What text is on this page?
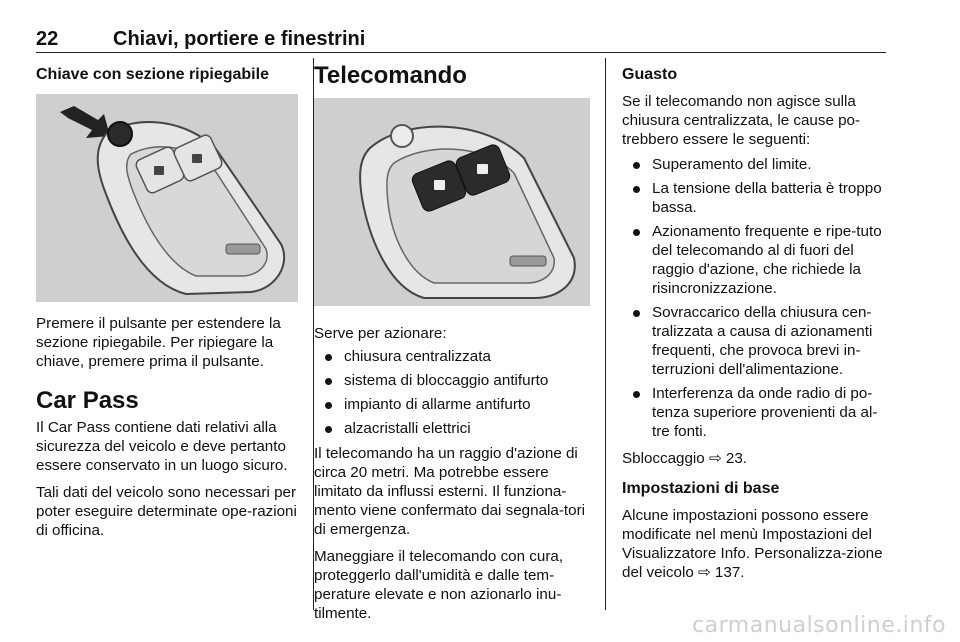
22	Chiavi, portiere e finestrini
Chiave con sezione ripiegabile

Premere il pulsante per estendere la sezione ripiegabile. Per ripiegare la chiave, premere prima il pulsante.

Car Pass

Il Car Pass contiene dati relativi alla sicurezza del veicolo e deve pertanto essere conservato in un luogo sicuro.

Tali dati del veicolo sono necessari per poter eseguire determinate ope-razioni di officina.

Telecomando

Serve per azionare:

chiusura centralizzata
sistema di bloccaggio antifurto
impianto di allarme antifurto
alzacristalli elettrici

Il telecomando ha un raggio d'azione di circa 20 metri. Ma potrebbe essere limitato da influssi esterni. Il funziona-mento viene confermato dai segnala-tori di emergenza.

Maneggiare il telecomando con cura, proteggerlo dall'umidità e dalle tem-perature elevate e non azionarlo inu-tilmente.

Guasto

Se il telecomando non agisce sulla chiusura centralizzata, le cause po-trebbero essere le seguenti:

Superamento del limite.
La tensione della batteria è troppo bassa.
Azionamento frequente e ripe-tuto del telecomando al di fuori del raggio d'azione, che richiede la risincronizzazione.
Sovraccarico della chiusura cen-tralizzata a causa di azionamenti frequenti, che provoca brevi in-terruzioni dell'alimentazione.
Interferenza da onde radio di po-tenza superiore provenienti da al-tre fonti.

Sbloccaggio ⇨ 23.

Impostazioni di base

Alcune impostazioni possono essere modificate nel menù Impostazioni del Visualizzatore Info. Personalizza-zione del veicolo ⇨ 137.

carmanualsonline.info
